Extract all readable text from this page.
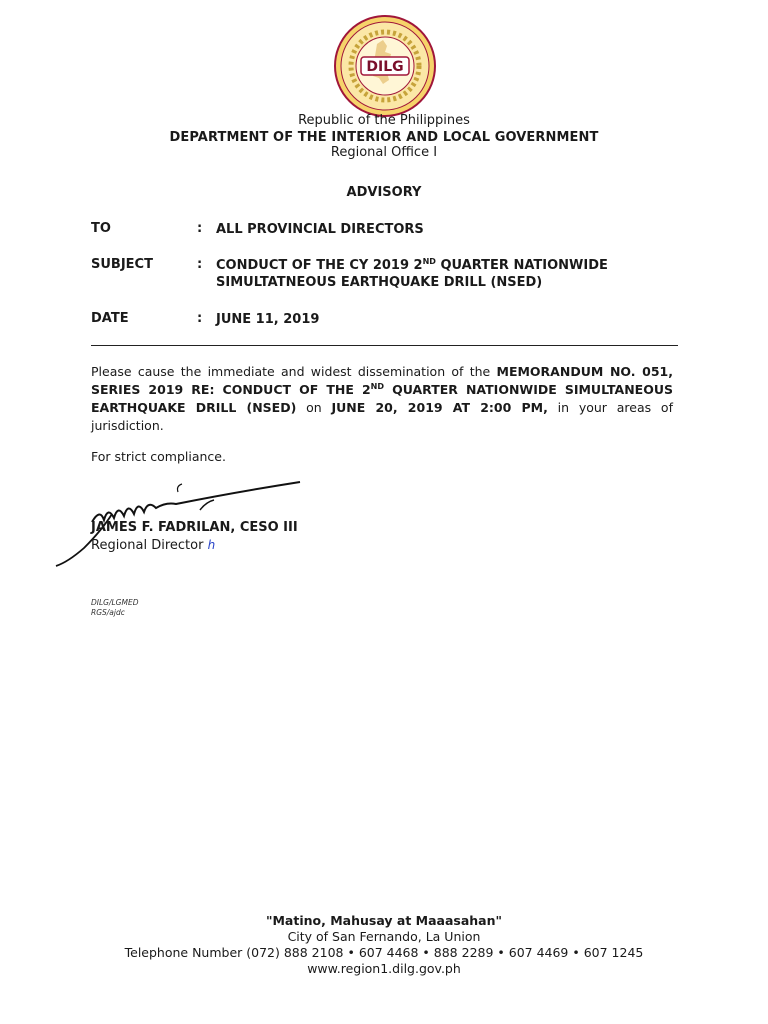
DILG
Republic of the Philippines
DEPARTMENT OF THE INTERIOR AND LOCAL GOVERNMENT
Regional Office I
ADVISORY
TO	: ALL PROVINCIAL DIRECTORS
SUBJECT	: CONDUCT OF THE CY 2019 2ND QUARTER NATIONWIDE
SIMULTATNEOUS EARTHQUAKE DRILL (NSED)
DATE	: JUNE 11, 2019
Please cause the immediate and widest dissemination of the MEMORANDUM NO. 051, SERIES 2019 RE: CONDUCT OF THE 2ND QUARTER NATIONWIDE SIMULTANEOUS EARTHQUAKE DRILL (NSED) on JUNE 20, 2019 AT 2:00 PM, in your areas of jurisdiction.
For strict compliance.
JAMES F. FADRILAN, CESO III
Regional Director h
DILG/LGMED
RGS/ajdc
"Matino, Mahusay at Maaasahan"
City of San Fernando, La Union
Telephone Number (072) 888 2108 • 607 4468 • 888 2289 • 607 4469 • 607 1245
www.region1.dilg.gov.ph
